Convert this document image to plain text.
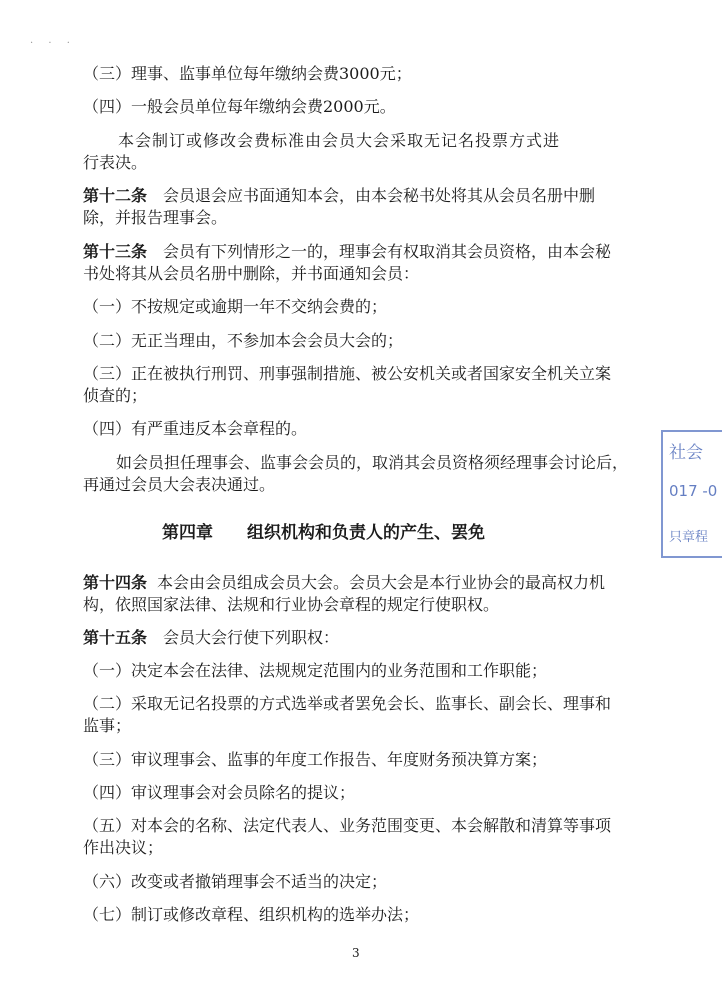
· · ·
（三）理事、监事单位每年缴纳会费3000元；
（四）一般会员单位每年缴纳会费2000元。
本会制订或修改会费标准由会员大会采取无记名投票方式进
行表决。
第十二条 会员退会应书面通知本会，由本会秘书处将其从会员名册中删
除，并报告理事会。
第十三条 会员有下列情形之一的，理事会有权取消其会员资格，由本会秘
书处将其从会员名册中删除，并书面通知会员：
（一）不按规定或逾期一年不交纳会费的；
（二）无正当理由，不参加本会会员大会的；
（三）正在被执行刑罚、刑事强制措施、被公安机关或者国家安全机关立案
侦查的；
（四）有严重违反本会章程的。
如会员担任理事会、监事会会员的，取消其会员资格须经理事会讨论后，
再通过会员大会表决通过。
第四章 组织机构和负责人的产生、罢免
第十四条 本会由会员组成会员大会。会员大会是本行业协会的最高权力机
构，依照国家法律、法规和行业协会章程的规定行使职权。
第十五条 会员大会行使下列职权：
（一）决定本会在法律、法规规定范围内的业务范围和工作职能；
（二）采取无记名投票的方式选举或者罢免会长、监事长、副会长、理事和
监事；
（三）审议理事会、监事的年度工作报告、年度财务预决算方案；
（四）审议理事会对会员除名的提议；
（五）对本会的名称、法定代表人、业务范围变更、本会解散和清算等事项
作出决议；
（六）改变或者撤销理事会不适当的决定；
（七）制订或修改章程、组织机构的选举办法；
3
社会
017 -0
只章程
